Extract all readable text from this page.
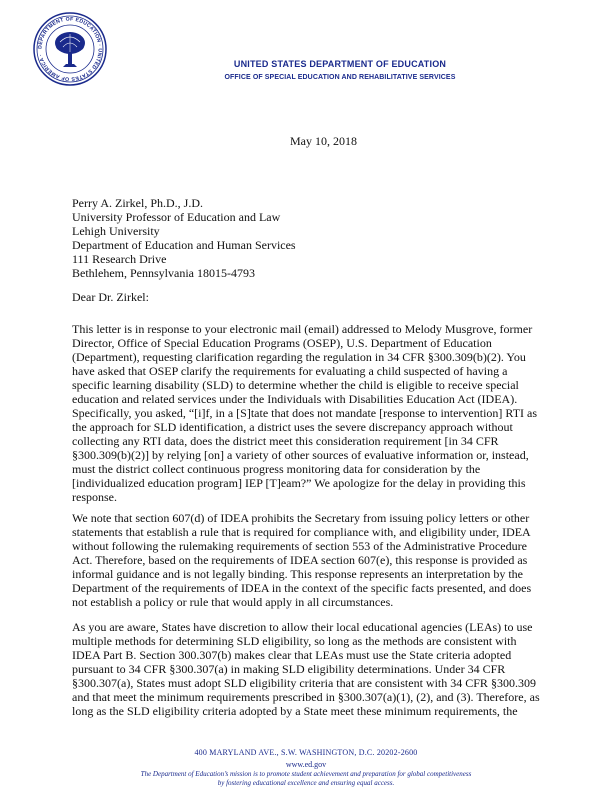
DEPARTMENT OF EDUCATION · UNITED STATES OF AMERICA ·
UNITED STATES DEPARTMENT OF EDUCATION
OFFICE OF SPECIAL EDUCATION AND REHABILITATIVE SERVICES
May 10, 2018
Perry A. Zirkel, Ph.D., J.D.
University Professor of Education and Law
Lehigh University
Department of Education and Human Services
111 Research Drive
Bethlehem, Pennsylvania 18015-4793
Dear Dr. Zirkel:
This letter is in response to your electronic mail (email) addressed to Melody Musgrove, former
Director, Office of Special Education Programs (OSEP), U.S. Department of Education
(Department), requesting clarification regarding the regulation in 34 CFR §300.309(b)(2). You
have asked that OSEP clarify the requirements for evaluating a child suspected of having a
specific learning disability (SLD) to determine whether the child is eligible to receive special
education and related services under the Individuals with Disabilities Education Act (IDEA).
Specifically, you asked, “[i]f, in a [S]tate that does not mandate [response to intervention] RTI as
the approach for SLD identification, a district uses the severe discrepancy approach without
collecting any RTI data, does the district meet this consideration requirement [in 34 CFR
§300.309(b)(2)] by relying [on] a variety of other sources of evaluative information or, instead,
must the district collect continuous progress monitoring data for consideration by the
[individualized education program] IEP [T]eam?” We apologize for the delay in providing this
response.
We note that section 607(d) of IDEA prohibits the Secretary from issuing policy letters or other
statements that establish a rule that is required for compliance with, and eligibility under, IDEA
without following the rulemaking requirements of section 553 of the Administrative Procedure
Act. Therefore, based on the requirements of IDEA section 607(e), this response is provided as
informal guidance and is not legally binding. This response represents an interpretation by the
Department of the requirements of IDEA in the context of the specific facts presented, and does
not establish a policy or rule that would apply in all circumstances.
As you are aware, States have discretion to allow their local educational agencies (LEAs) to use
multiple methods for determining SLD eligibility, so long as the methods are consistent with
IDEA Part B. Section 300.307(b) makes clear that LEAs must use the State criteria adopted
pursuant to 34 CFR §300.307(a) in making SLD eligibility determinations. Under 34 CFR
§300.307(a), States must adopt SLD eligibility criteria that are consistent with 34 CFR §300.309
and that meet the minimum requirements prescribed in §300.307(a)(1), (2), and (3). Therefore, as
long as the SLD eligibility criteria adopted by a State meet these minimum requirements, the
400 MARYLAND AVE., S.W. WASHINGTON, D.C. 20202-2600
www.ed.gov
The Department of Education’s mission is to promote student achievement and preparation for global competitiveness
by fostering educational excellence and ensuring equal access.
